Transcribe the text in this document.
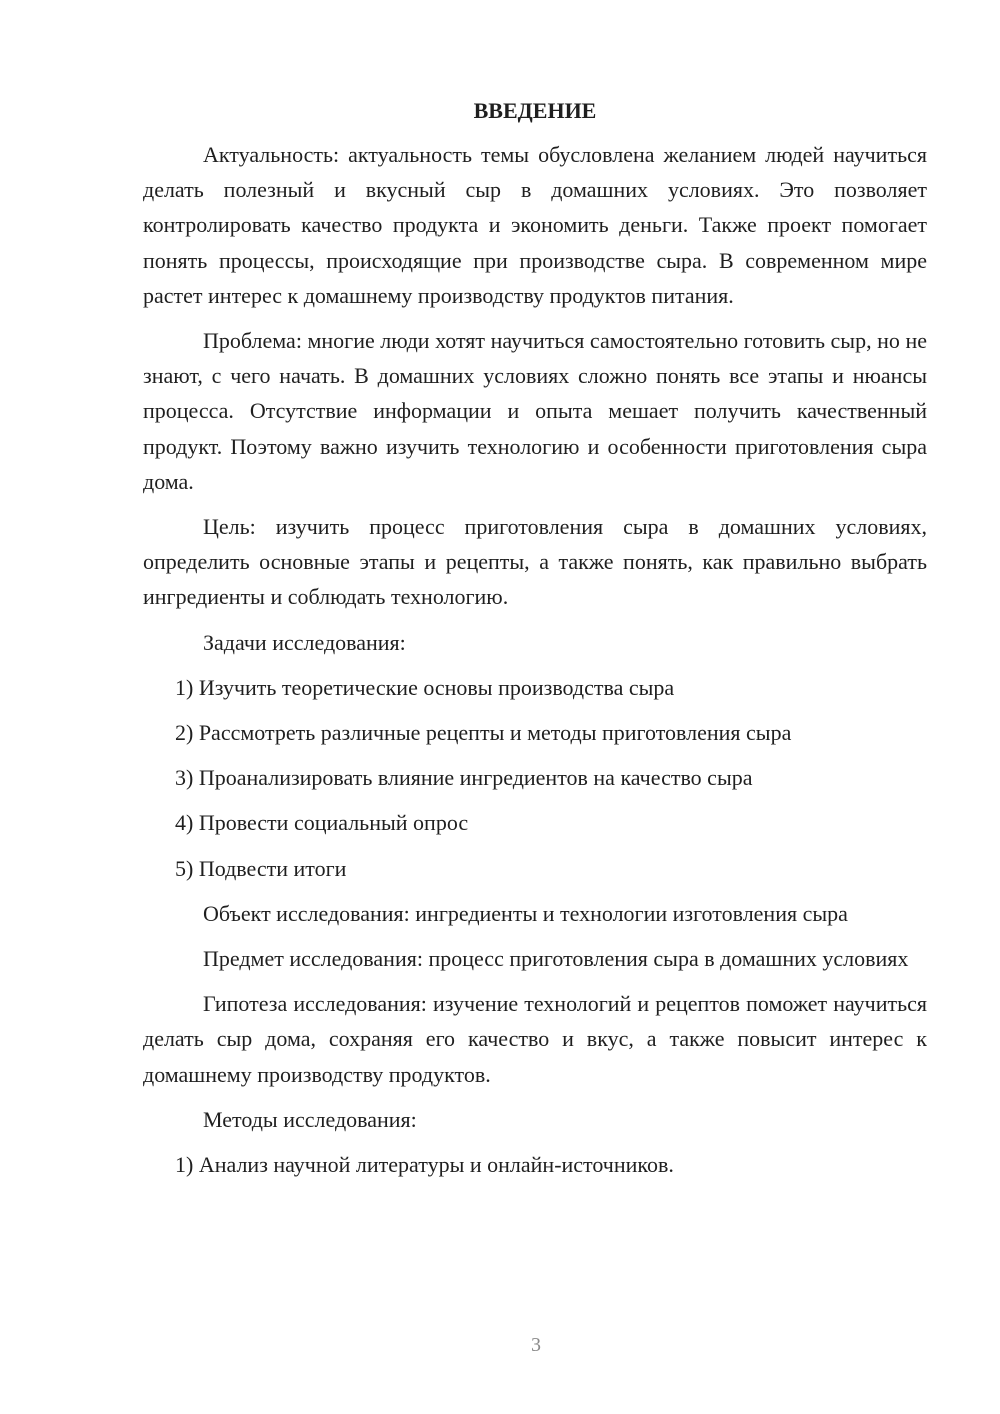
ВВЕДЕНИЕ

Актуальность: актуальность темы обусловлена желанием людей научиться делать полезный и вкусный сыр в домашних условиях. Это позволяет контролировать качество продукта и экономить деньги. Также проект помогает понять процессы, происходящие при производстве сыра. В современном мире растет интерес к домашнему производству продуктов питания.

Проблема: многие люди хотят научиться самостоятельно готовить сыр, но не знают, с чего начать. В домашних условиях сложно понять все этапы и нюансы процесса. Отсутствие информации и опыта мешает получить качественный продукт. Поэтому важно изучить технологию и особенности приготовления сыра дома.

Цель: изучить процесс приготовления сыра в домашних условиях, определить основные этапы и рецепты, а также понять, как правильно выбрать ингредиенты и соблюдать технологию.

Задачи исследования:

1) Изучить теоретические основы производства сыра

2) Рассмотреть различные рецепты и методы приготовления сыра

3) Проанализировать влияние ингредиентов на качество сыра

4) Провести социальный опрос

5) Подвести итоги

Объект исследования: ингредиенты и технологии изготовления сыра

Предмет исследования: процесс приготовления сыра в домашних условиях

Гипотеза исследования: изучение технологий и рецептов поможет научиться делать сыр дома, сохраняя его качество и вкус, а также повысит интерес к домашнему производству продуктов.

Методы исследования:

1) Анализ научной литературы и онлайн-источников.

3
